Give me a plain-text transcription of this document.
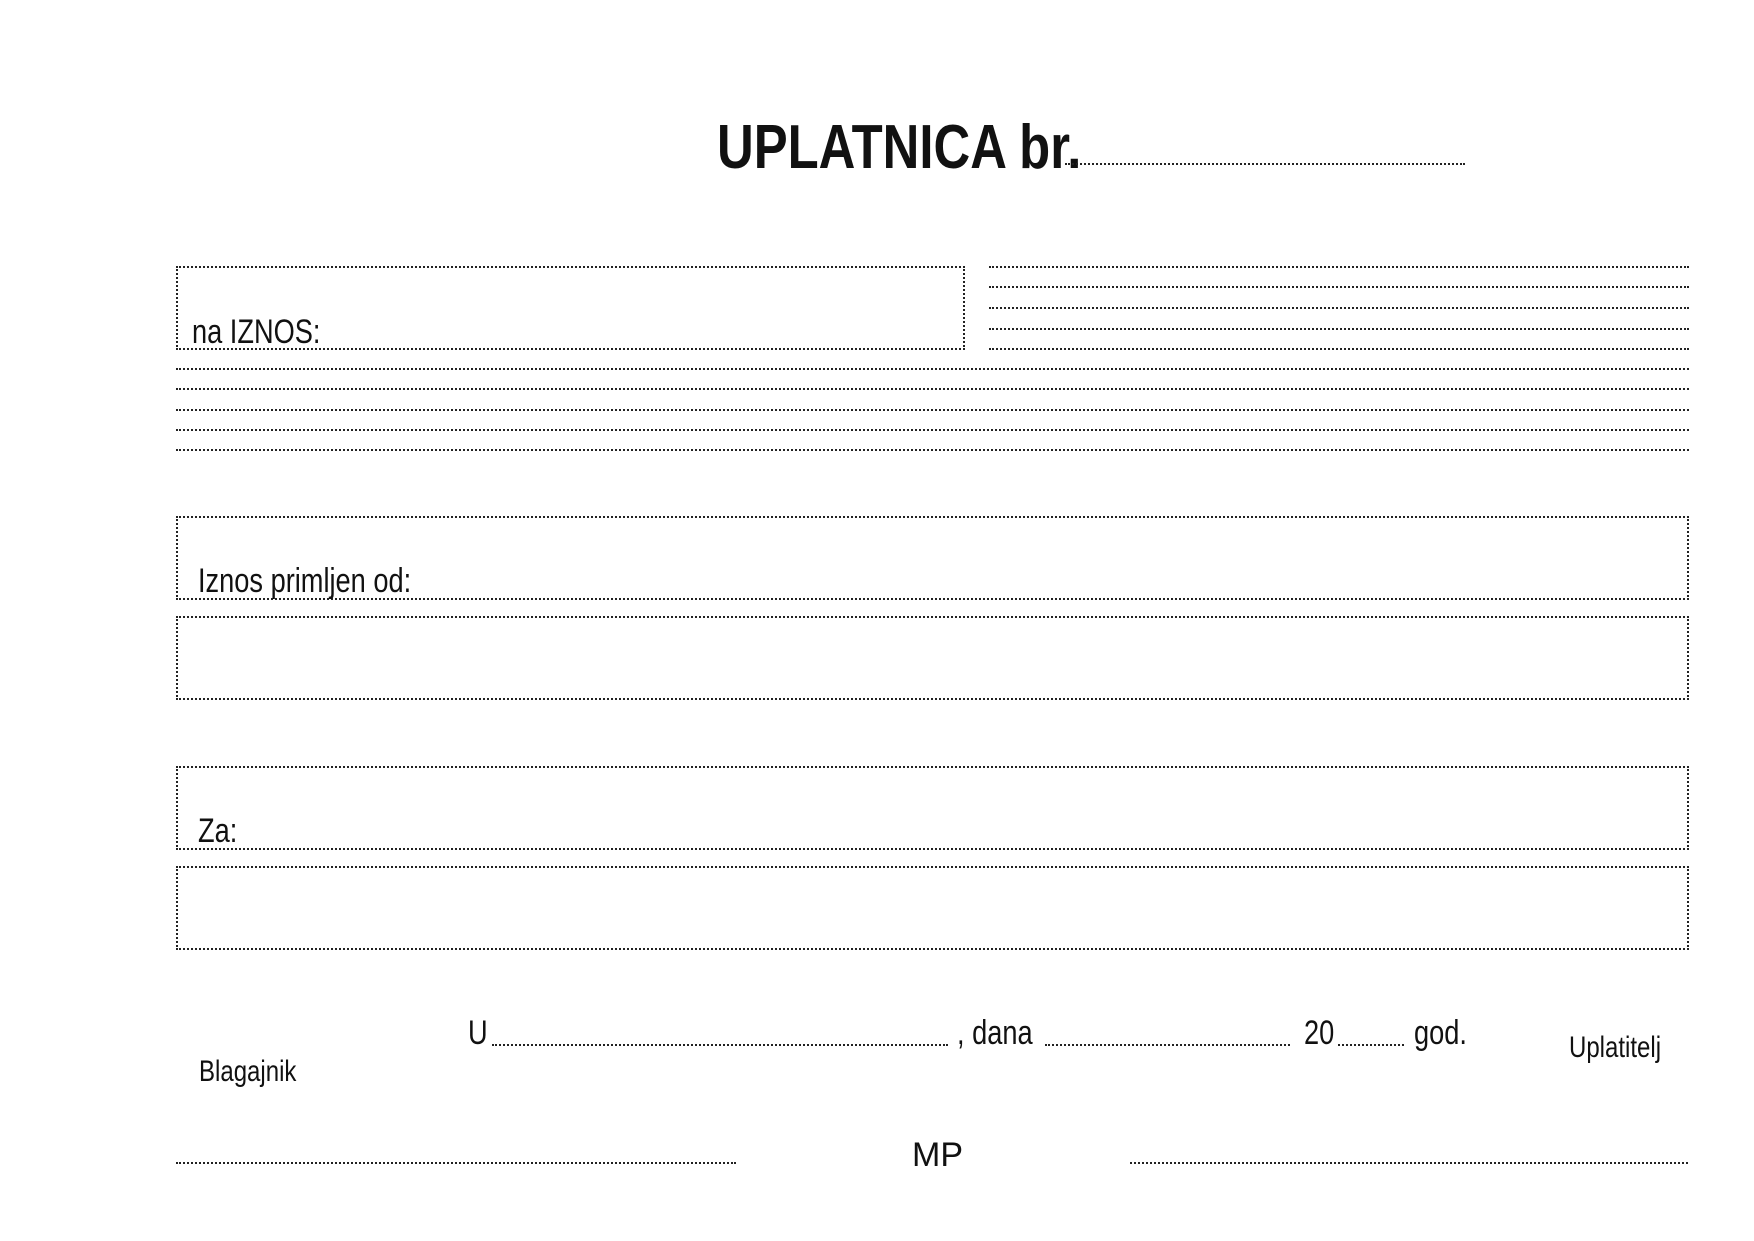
UPLATNICA br.
na IZNOS:
Iznos primljen od:
Za:
U	, dana	20 god.
Blagajnik
Uplatitelj
MP
